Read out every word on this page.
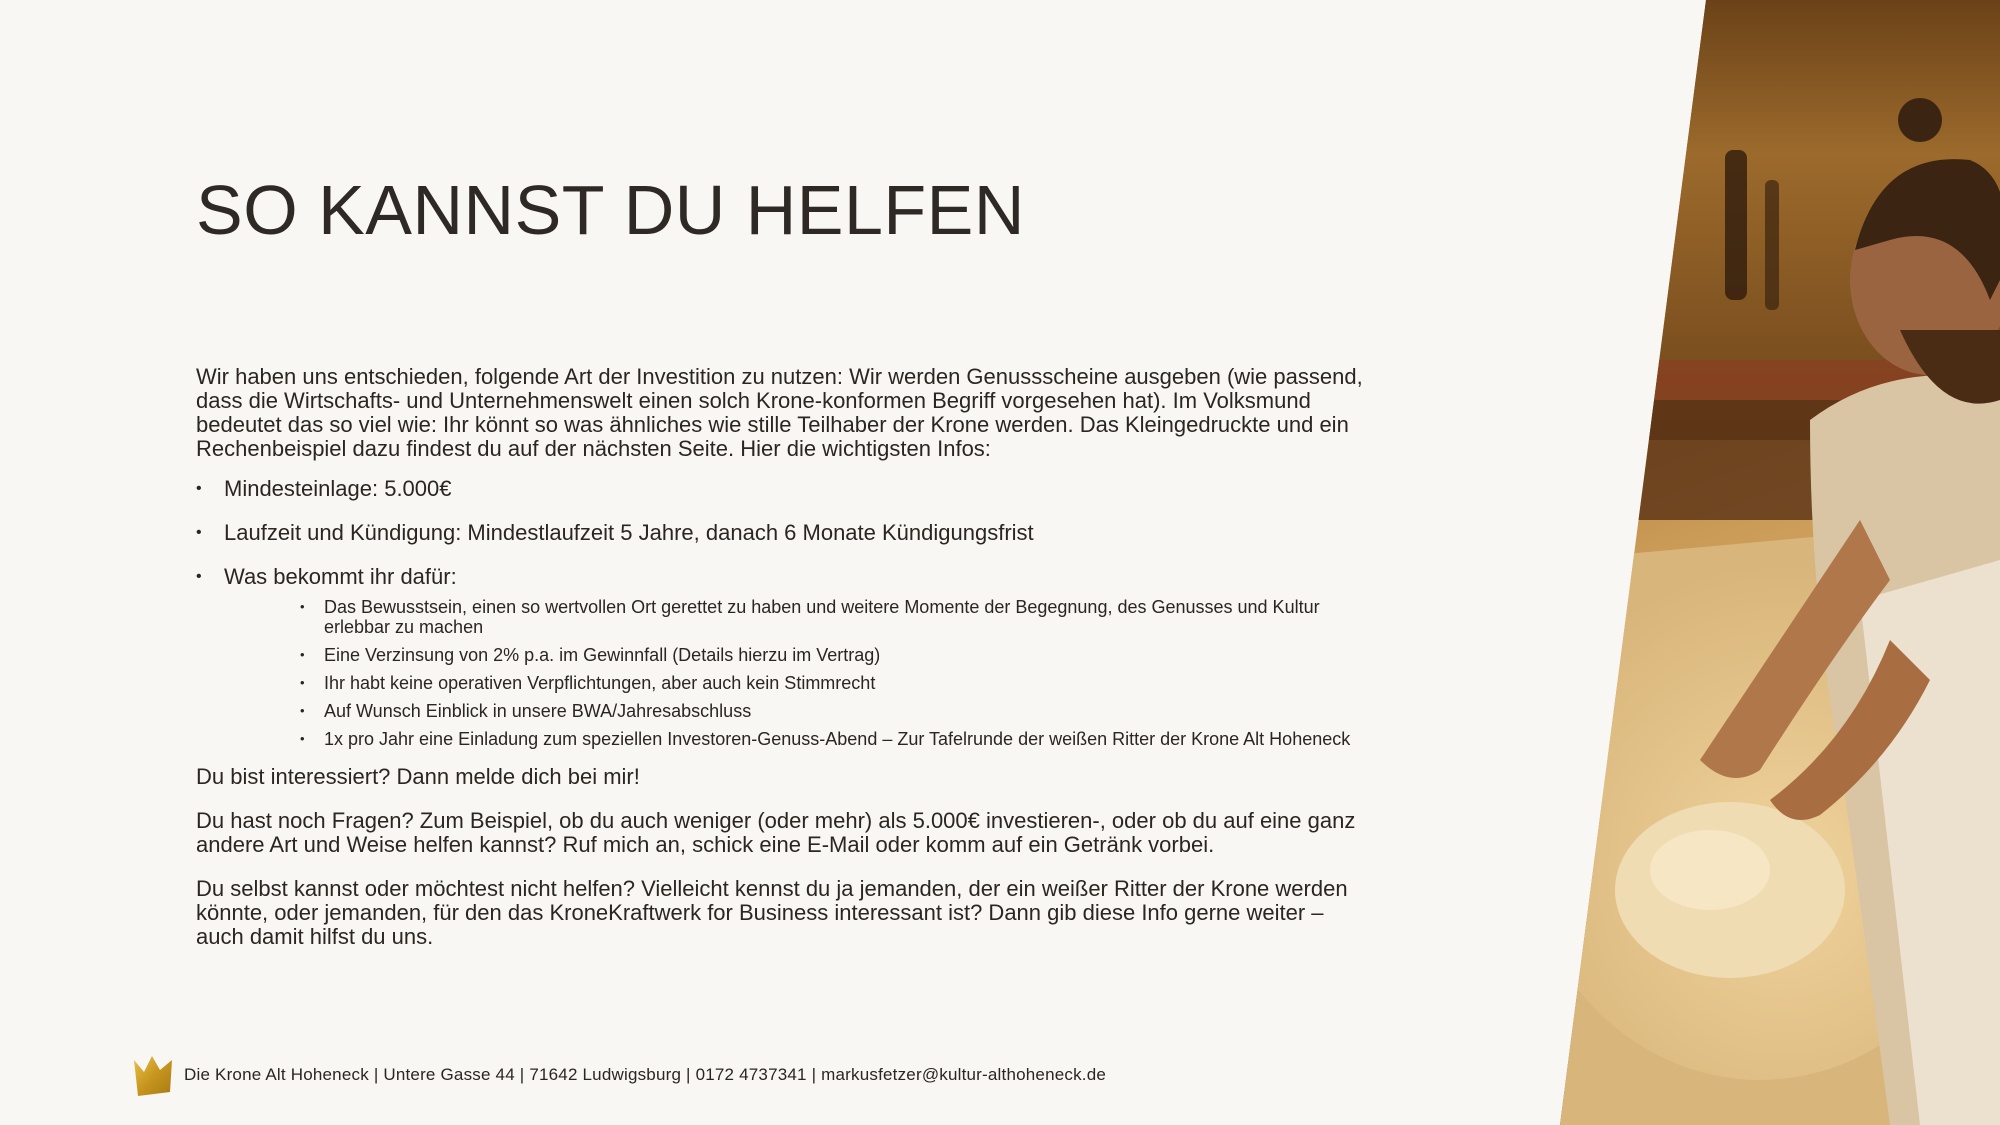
SO KANNST DU HELFEN

Wir haben uns entschieden, folgende Art der Investition zu nutzen: Wir werden Genussscheine ausgeben (wie passend, dass die Wirtschafts- und Unternehmenswelt einen solch Krone-konformen Begriff vorgesehen hat). Im Volksmund bedeutet das so viel wie: Ihr könnt so was ähnliches wie stille Teilhaber der Krone werden. Das Kleingedruckte und ein Rechenbeispiel dazu findest du auf der nächsten Seite. Hier die wichtigsten Infos:

• Mindesteinlage: 5.000€
• Laufzeit und Kündigung: Mindestlaufzeit 5 Jahre, danach 6 Monate Kündigungsfrist
• Was bekommt ihr dafür:
• Das Bewusstsein, einen so wertvollen Ort gerettet zu haben und weitere Momente der Begegnung, des Genusses und Kultur erlebbar zu machen
• Eine Verzinsung von 2% p.a. im Gewinnfall (Details hierzu im Vertrag)
• Ihr habt keine operativen Verpflichtungen, aber auch kein Stimmrecht
• Auf Wunsch Einblick in unsere BWA/Jahresabschluss
• 1x pro Jahr eine Einladung zum speziellen Investoren-Genuss-Abend – Zur Tafelrunde der weißen Ritter der Krone Alt Hoheneck

Du bist interessiert? Dann melde dich bei mir!

Du hast noch Fragen? Zum Beispiel, ob du auch weniger (oder mehr) als 5.000€ investieren-, oder ob du auf eine ganz andere Art und Weise helfen kannst? Ruf mich an, schick eine E-Mail oder komm auf ein Getränk vorbei.

Du selbst kannst oder möchtest nicht helfen? Vielleicht kennst du ja jemanden, der ein weißer Ritter der Krone werden könnte, oder jemanden, für den das KroneKraftwerk for Business interessant ist? Dann gib diese Info gerne weiter – auch damit hilfst du uns.

Die Krone Alt Hoheneck | Untere Gasse 44 | 71642 Ludwigsburg | 0172 4737341 | markusfetzer@kultur-althoheneck.de
